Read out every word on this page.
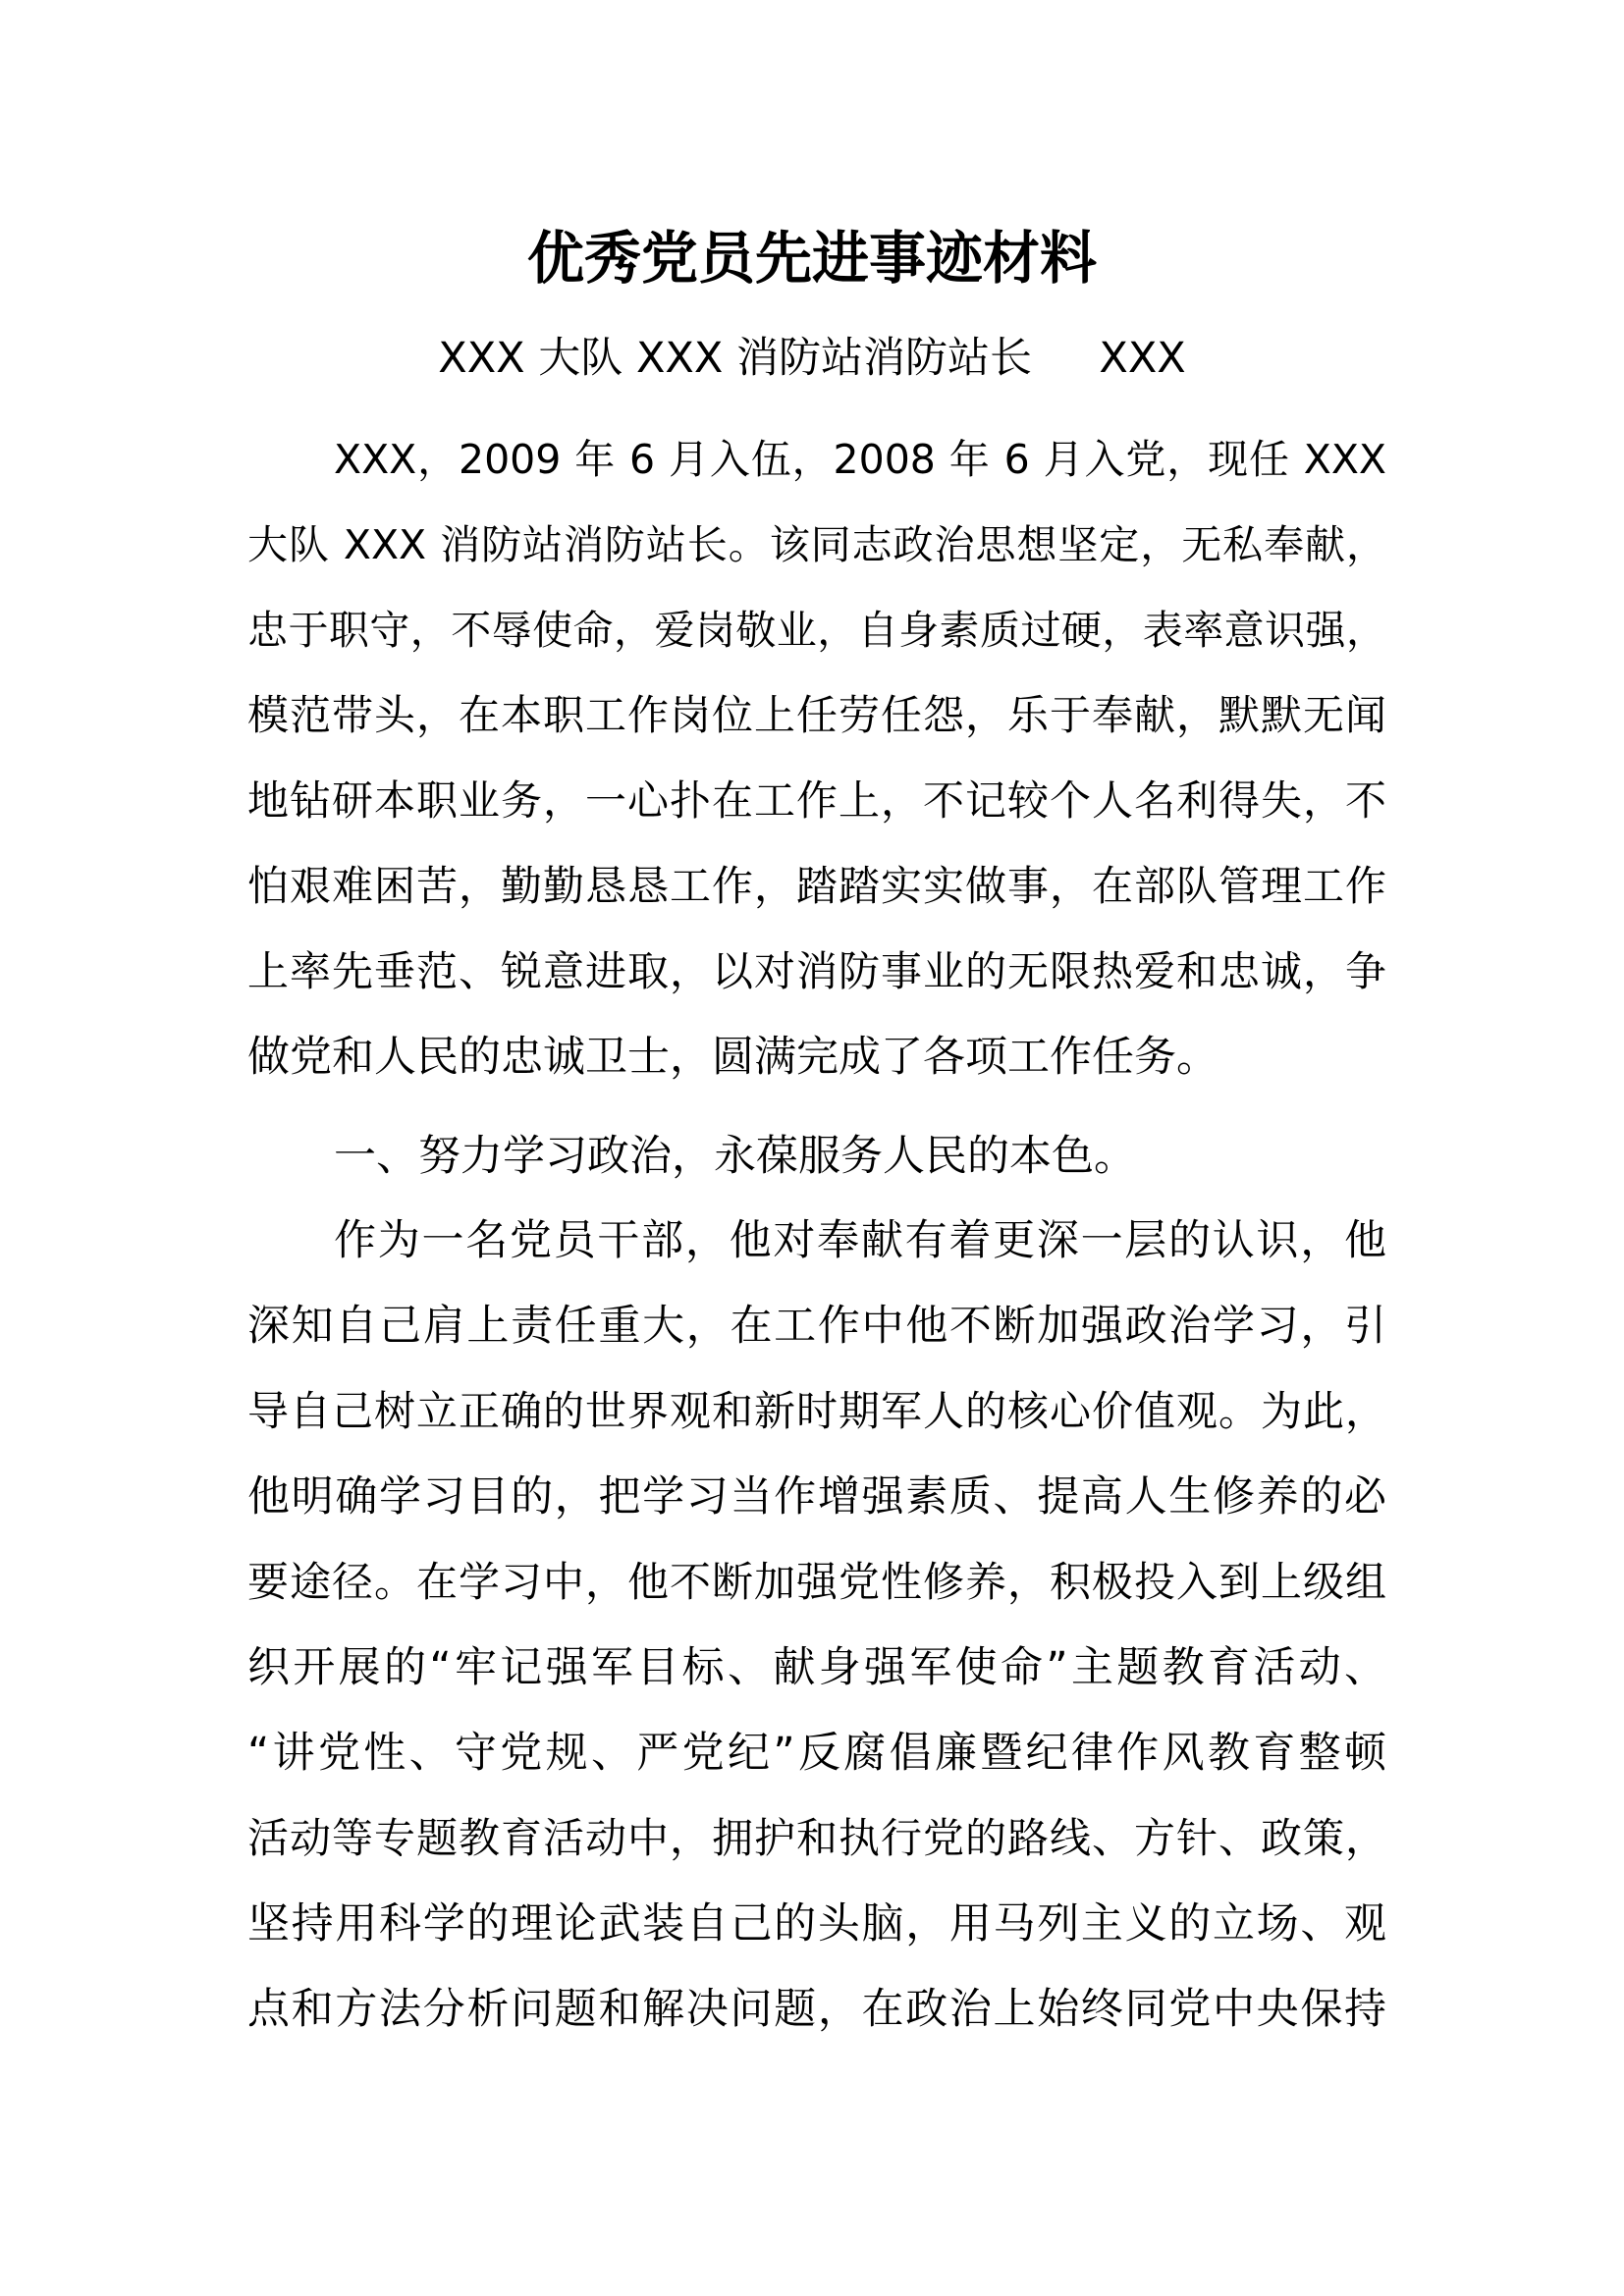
优秀党员先进事迹材料

XXX 大队 XXX 消防站消防站长     XXX

XXX，2009 年 6 月入伍，2008 年 6 月入党，现任 XXX

大队 XXX 消防站消防站长。该同志政治思想坚定，无私奉献，

忠于职守，不辱使命，爱岗敬业，自身素质过硬，表率意识强，

模范带头，在本职工作岗位上任劳任怨，乐于奉献，默默无闻

地钻研本职业务，一心扑在工作上，不记较个人名利得失，不

怕艰难困苦，勤勤恳恳工作，踏踏实实做事，在部队管理工作

上率先垂范、锐意进取，以对消防事业的无限热爱和忠诚，争

做党和人民的忠诚卫士，圆满完成了各项工作任务。

一、努力学习政治，永葆服务人民的本色。

作为一名党员干部，他对奉献有着更深一层的认识，他

深知自己肩上责任重大，在工作中他不断加强政治学习，引

导自己树立正确的世界观和新时期军人的核心价值观。为此，

他明确学习目的，把学习当作增强素质、提高人生修养的必

要途径。在学习中，他不断加强党性修养，积极投入到上级组

织开展的“牢记强军目标、献身强军使命”主题教育活动、

“讲党性、守党规、严党纪”反腐倡廉暨纪律作风教育整顿

活动等专题教育活动中，拥护和执行党的路线、方针、政策，

坚持用科学的理论武装自己的头脑，用马列主义的立场、观

点和方法分析问题和解决问题，在政治上始终同党中央保持
